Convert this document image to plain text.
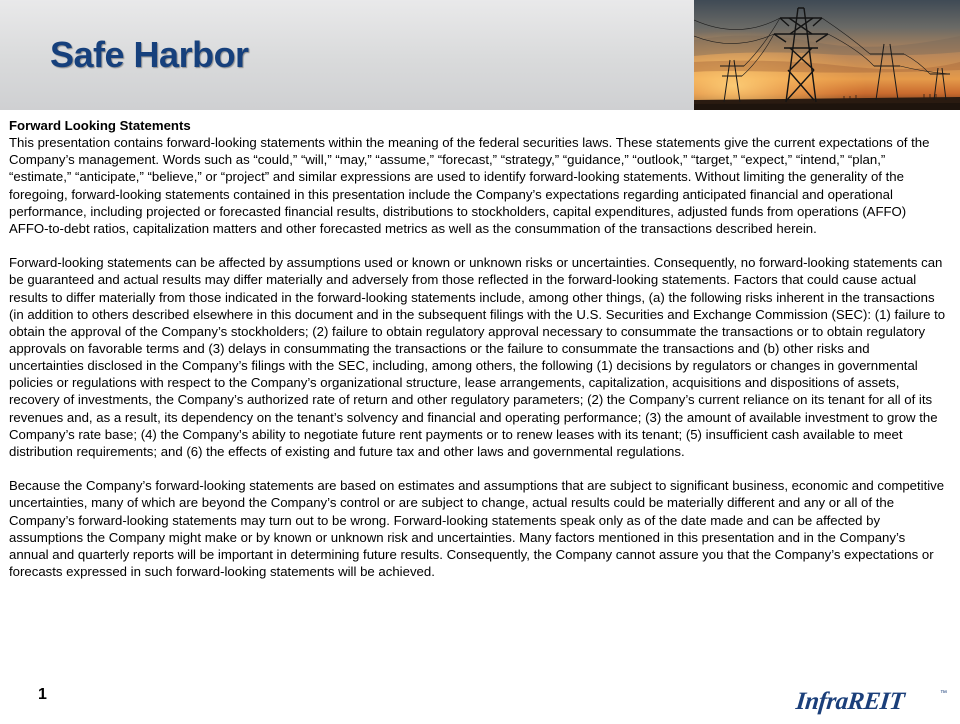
Safe Harbor

Forward Looking Statements
This presentation contains forward-looking statements within the meaning of the federal securities laws. These statements give the current expectations of the Company’s management. Words such as “could,” “will,” “may,” “assume,” “forecast,” “strategy,” “guidance,” “outlook,” “target,” “expect,” “intend,” “plan,” “estimate,” “anticipate,” “believe,” or “project” and similar expressions are used to identify forward-looking statements. Without limiting the generality of the foregoing, forward-looking statements contained in this presentation include the Company’s expectations regarding anticipated financial and operational performance, including projected or forecasted financial results, distributions to stockholders, capital expenditures, adjusted funds from operations (AFFO) AFFO-to-debt ratios, capitalization matters and other forecasted metrics as well as the consummation of the transactions described herein.

Forward-looking statements can be affected by assumptions used or known or unknown risks or uncertainties. Consequently, no forward-looking statements can be guaranteed and actual results may differ materially and adversely from those reflected in the forward-looking statements. Factors that could cause actual results to differ materially from those indicated in the forward-looking statements include, among other things, (a) the following risks inherent in the transactions (in addition to others described elsewhere in this document and in the subsequent filings with the U.S. Securities and Exchange Commission (SEC): (1) failure to obtain the approval of the Company’s stockholders; (2) failure to obtain regulatory approval necessary to consummate the transactions or to obtain regulatory approvals on favorable terms and (3) delays in consummating the transactions or the failure to consummate the transactions and (b) other risks and uncertainties disclosed in the Company’s filings with the SEC, including, among others, the following (1) decisions by regulators or changes in governmental policies or regulations with respect to the Company’s organizational structure, lease arrangements, capitalization, acquisitions and dispositions of assets, recovery of investments, the Company’s authorized rate of return and other regulatory parameters; (2) the Company’s current reliance on its tenant for all of its revenues and, as a result, its dependency on the tenant’s solvency and financial and operating performance; (3) the amount of available investment to grow the Company’s rate base; (4) the Company’s ability to negotiate future rent payments or to renew leases with its tenant; (5) insufficient cash available to meet distribution requirements; and (6) the effects of existing and future tax and other laws and governmental regulations.

Because the Company’s forward-looking statements are based on estimates and assumptions that are subject to significant business, economic and competitive uncertainties, many of which are beyond the Company’s control or are subject to change, actual results could be materially different and any or all of the Company’s forward-looking statements may turn out to be wrong. Forward-looking statements speak only as of the date made and can be affected by assumptions the Company might make or by known or unknown risk and uncertainties. Many factors mentioned in this presentation and in the Company’s annual and quarterly reports will be important in determining future results. Consequently, the Company cannot assure you that the Company’s expectations or forecasts expressed in such forward-looking statements will be achieved.

1	InfraREIT	™
